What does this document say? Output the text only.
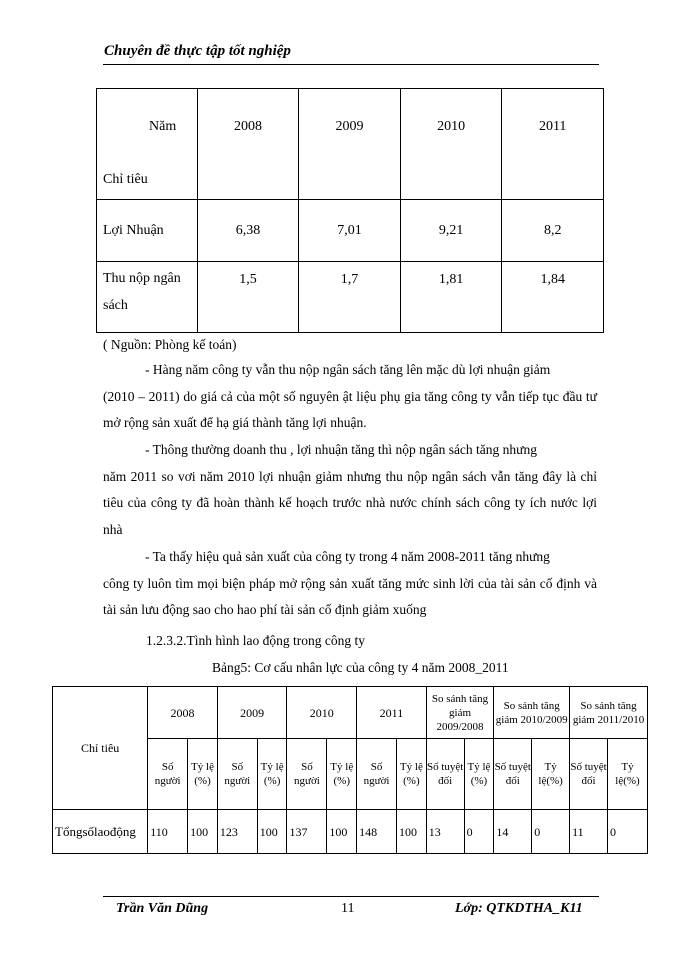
Chuyên đề thực tập tốt nghiệp
Năm
Chỉ tiêu	2008	2009	2010	2011
Lợi Nhuận	6,38	7,01	9,21	8,2

Thu nộp ngân
sách	1,5	1,7	1,81	1,84
( Nguồn: Phòng kế toán)
- Hàng năm công ty vẫn thu nộp ngân sách tăng lên mặc dù lợi nhuận giảm
(2010 – 2011) do giá cả của một số nguyên ật liệu phụ gia tăng công ty vẫn tiếp tục đầu tư mở rộng sản xuất để hạ giá thành tăng lợi nhuận.
- Thông thường doanh thu , lợi nhuận tăng thì nộp ngân sách tăng nhưng
năm 2011 so vơi năm 2010 lợi nhuận giảm nhưng thu nộp ngân sách vẫn tăng đây là chỉ tiêu của công ty đã hoàn thành kế hoạch trước nhà nước chính sách công ty ích nước lợi nhà
- Ta thấy hiệu quả sản xuất của công ty trong 4 năm 2008-2011 tăng nhưng
công ty luôn tìm mọi biện pháp mở rộng sản xuất tăng mức sinh lời của tài sản cố định và tài sản lưu động sao cho hao phí tài sản cố định giảm xuống
1.2.3.2.Tình hình lao động trong công ty
Bảng5: Cơ cấu nhân lực của công ty 4 năm 2008_2011
Chỉ tiêu	2008		2009		2010		2011		So sánh tăng giảm 2009/2008		So sánh tăng giảm 2010/2009		So sánh tăng giảm 2011/2010	
	Số người	Tỷ lệ (%)	Số người	Tỷ lệ (%)	Số người	Tỷ lệ (%)	Số người	Tỷ lệ (%)	Số tuyệt đối	Tỷ lệ (%)	Số tuyệt đối	Tỷ lệ(%)	Số tuyệt đối	Tỷ lệ(%)
Tổngsốlaođộng	110	100	123	100	137	100	148	100	13	0	14	0	11	0
Trần Văn Dũng	11	Lớp: QTKDTHA_K11
